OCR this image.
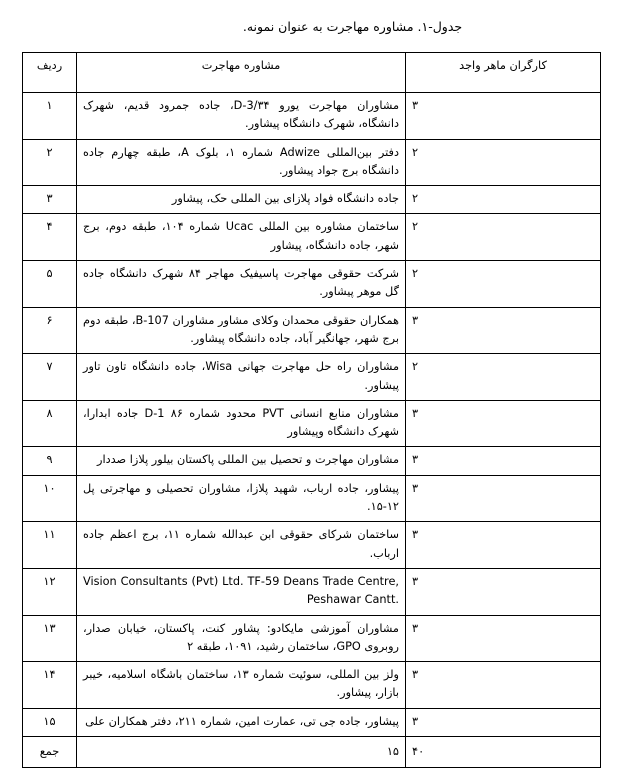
جدول-۱. مشاوره مهاجرت به عنوان نمونه.
کارگران ماهر واجد	مشاوره مهاجرت	ردیف
۳	مشاوران مهاجرت یورو D-3/۳۴، جاده جمرود قدیم، شهرک دانشگاه، شهرک دانشگاه پیشاور.	۱
۲	دفتر بین‌المللی Adwize شماره ۱، بلوک A، طبقه چهارم جاده دانشگاه برج جواد پیشاور.	۲
۲	جاده دانشگاه فواد پلازای بین المللی حک، پیشاور	۳
۲	ساختمان مشاوره بین المللی Ucac شماره ۱۰۴، طبقه دوم، برج شهر، جاده دانشگاه، پیشاور	۴
۲	شرکت حقوقی مهاجرت پاسیفیک مهاجر ۸۴ شهرک دانشگاه جاده گل موهر پیشاور.	۵
۳	همکاران حقوقی محمدان وکلای مشاور مشاوران B-107، طبقه دوم برج شهر، جهانگیر آباد، جاده دانشگاه پیشاور.	۶
۲	مشاوران راه حل مهاجرت جهانی Wisa، جاده دانشگاه تاون تاور پیشاور.	۷
۳	مشاوران منابع انسانی PVT محدود شماره ۸۶ D-1 جاده ابدارا، شهرک دانشگاه وپیشاور	۸
۳	مشاوران مهاجرت و تحصیل بین المللی پاکستان بیلور پلازا صددار	۹
۳	پیشاور، جاده ارباب، شهید پلازا، مشاوران تحصیلی و مهاجرتی پل ۱۲-۱۵.	۱۰
۳	ساختمان شرکای حقوقی ابن عبدالله شماره ۱۱، برج اعظم جاده ارباب.	۱۱
۳	Vision Consultants (Pvt) Ltd. TF-59 Deans Trade Centre, Peshawar Cantt.	۱۲
۳	مشاوران آموزشی مایکادو: پشاور کنت، پاکستان، خیابان صدار، روبروی GPO، ساختمان رشید، ۱۰۹۱، طبقه ۲	۱۳
۳	ولز بین المللی، سوئیت شماره ۱۳، ساختمان باشگاه اسلامیه، خیبر بازار، پیشاور.	۱۴
۳	پیشاور، جاده جی تی، عمارت امین، شماره ۲۱۱، دفتر همکاران علی	۱۵
۴۰	۱۵	جمع
